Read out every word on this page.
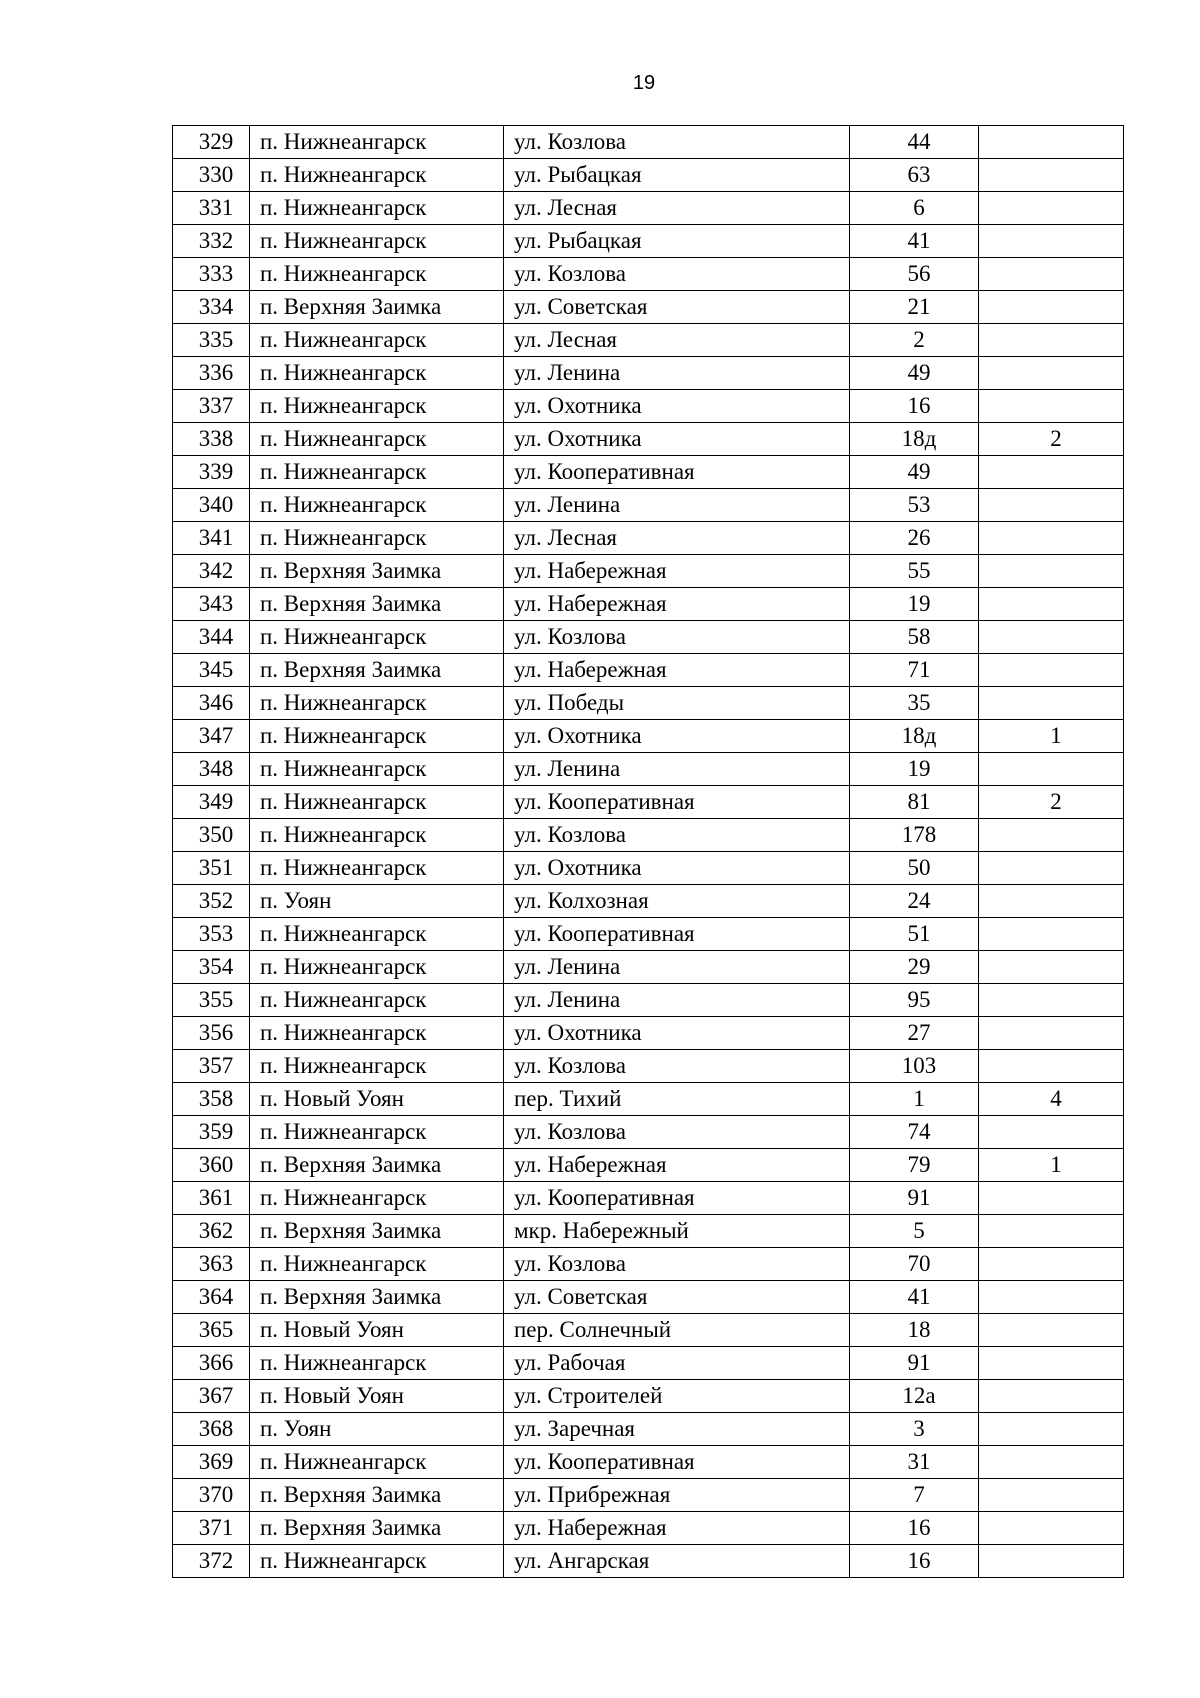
19
329	п. Нижнеангарск	ул. Козлова	44	
330	п. Нижнеангарск	ул. Рыбацкая	63	
331	п. Нижнеангарск	ул. Лесная	6	
332	п. Нижнеангарск	ул. Рыбацкая	41	
333	п. Нижнеангарск	ул. Козлова	56	
334	п. Верхняя Заимка	ул. Советская	21	
335	п. Нижнеангарск	ул. Лесная	2	
336	п. Нижнеангарск	ул. Ленина	49	
337	п. Нижнеангарск	ул. Охотника	16	
338	п. Нижнеангарск	ул. Охотника	18д	2
339	п. Нижнеангарск	ул. Кооперативная	49	
340	п. Нижнеангарск	ул. Ленина	53	
341	п. Нижнеангарск	ул. Лесная	26	
342	п. Верхняя Заимка	ул. Набережная	55	
343	п. Верхняя Заимка	ул. Набережная	19	
344	п. Нижнеангарск	ул. Козлова	58	
345	п. Верхняя Заимка	ул. Набережная	71	
346	п. Нижнеангарск	ул. Победы	35	
347	п. Нижнеангарск	ул. Охотника	18д	1
348	п. Нижнеангарск	ул. Ленина	19	
349	п. Нижнеангарск	ул. Кооперативная	81	2
350	п. Нижнеангарск	ул. Козлова	178	
351	п. Нижнеангарск	ул. Охотника	50	
352	п. Уоян	ул. Колхозная	24	
353	п. Нижнеангарск	ул. Кооперативная	51	
354	п. Нижнеангарск	ул. Ленина	29	
355	п. Нижнеангарск	ул. Ленина	95	
356	п. Нижнеангарск	ул. Охотника	27	
357	п. Нижнеангарск	ул. Козлова	103	
358	п. Новый Уоян	пер. Тихий	1	4
359	п. Нижнеангарск	ул. Козлова	74	
360	п. Верхняя Заимка	ул. Набережная	79	1
361	п. Нижнеангарск	ул. Кооперативная	91	
362	п. Верхняя Заимка	мкр. Набережный	5	
363	п. Нижнеангарск	ул. Козлова	70	
364	п. Верхняя Заимка	ул. Советская	41	
365	п. Новый Уоян	пер. Солнечный	18	
366	п. Нижнеангарск	ул. Рабочая	91	
367	п. Новый Уоян	ул. Строителей	12а	
368	п. Уоян	ул. Заречная	3	
369	п. Нижнеангарск	ул. Кооперативная	31	
370	п. Верхняя Заимка	ул. Прибрежная	7	
371	п. Верхняя Заимка	ул. Набережная	16	
372	п. Нижнеангарск	ул. Ангарская	16	
